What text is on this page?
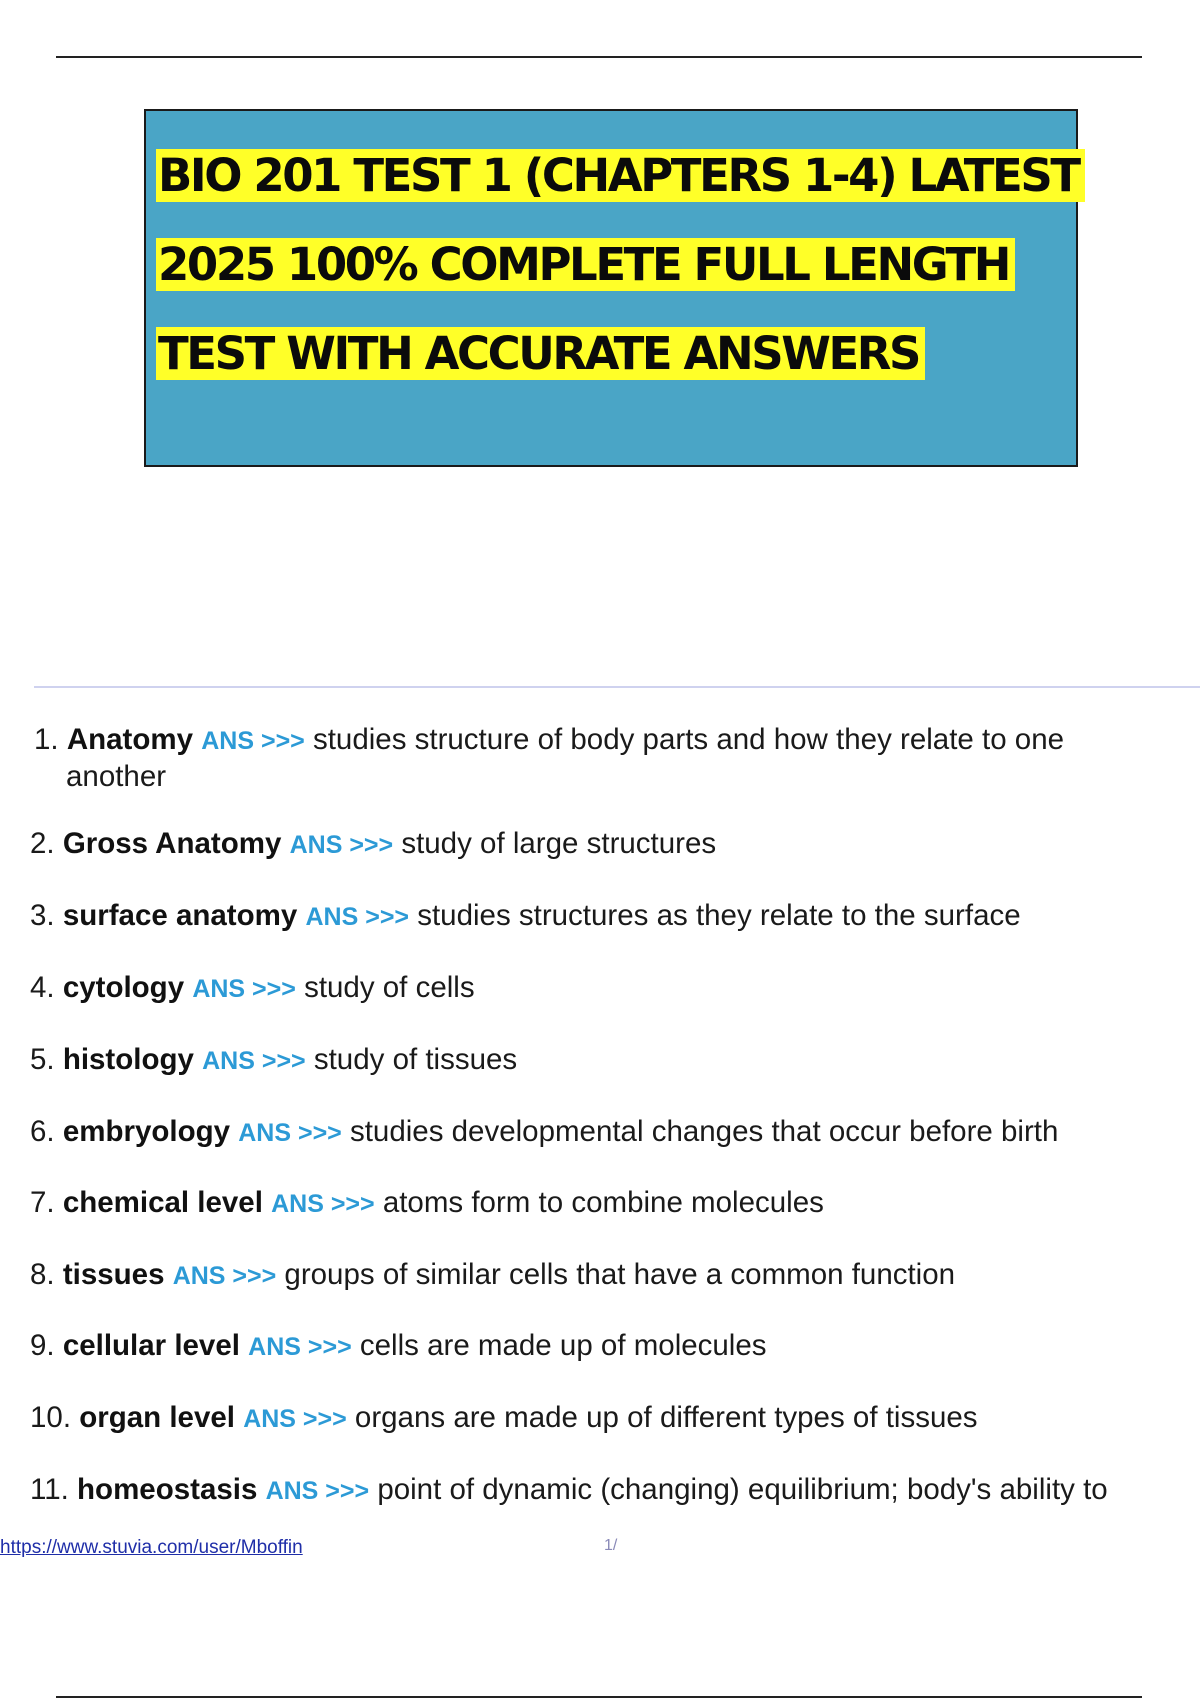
BIO 201 TEST 1 (CHAPTERS 1-4) LATEST
2025 100% COMPLETE FULL LENGTH
TEST WITH ACCURATE ANSWERS
1. Anatomy ANS >>> studies structure of body parts and how they relate to one
another
2. Gross Anatomy ANS >>> study of large structures
3. surface anatomy ANS >>> studies structures as they relate to the surface
4. cytology ANS >>> study of cells
5. histology ANS >>> study of tissues
6. embryology ANS >>> studies developmental changes that occur before birth
7. chemical level ANS >>> atoms form to combine molecules
8. tissues ANS >>> groups of similar cells that have a common function
9. cellular level ANS >>> cells are made up of molecules
10. organ level ANS >>> organs are made up of different types of tissues
11. homeostasis ANS >>> point of dynamic (changing) equilibrium; body's ability to
https://www.stuvia.com/user/Mboffin	1/
